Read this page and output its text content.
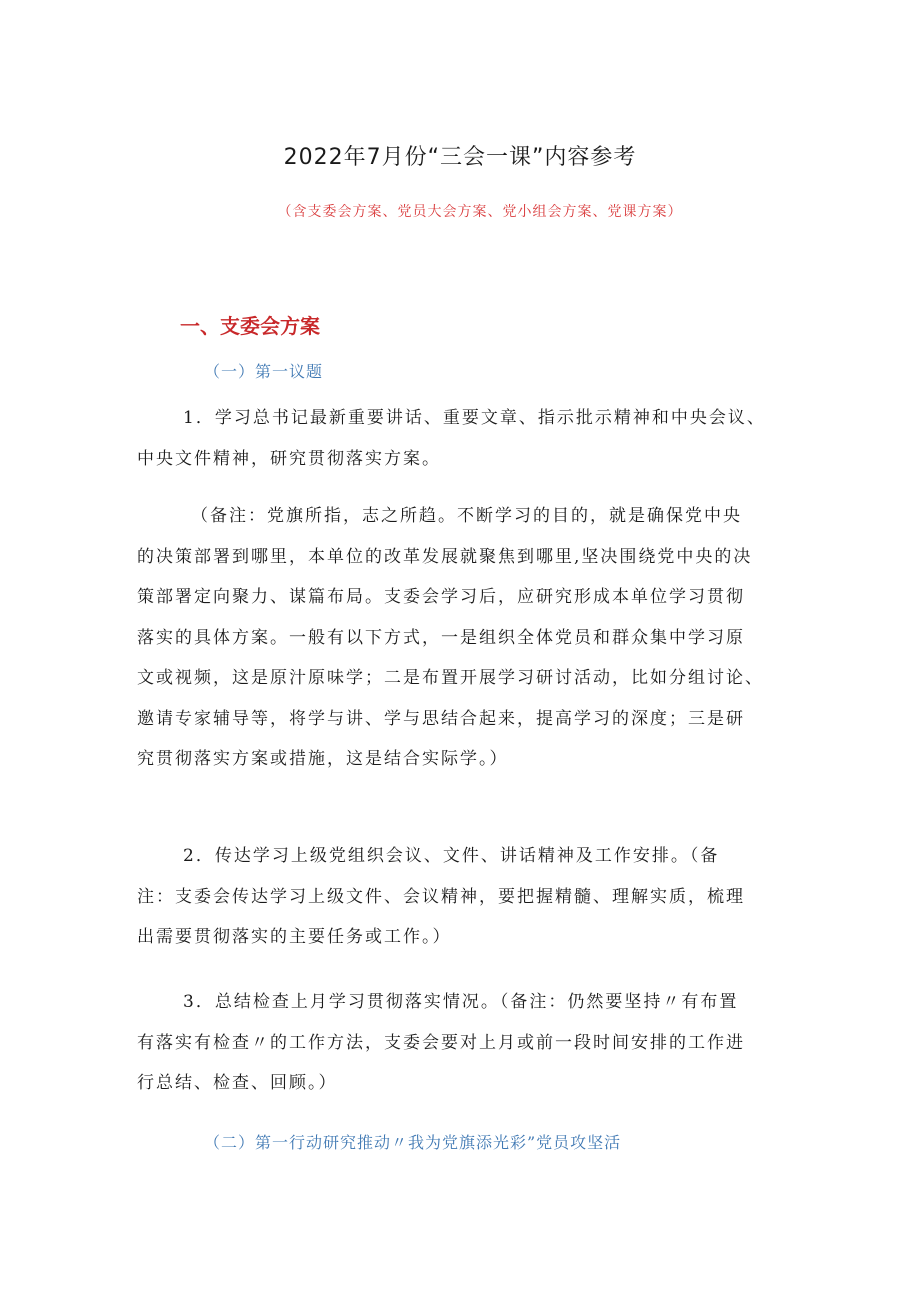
2022年7月份“三会一课”内容参考
（含支委会方案、党员大会方案、党小组会方案、党课方案）
一、支委会方案
（一）第一议题
1．学习总书记最新重要讲话、重要文章、指示批示精神和中央会议、
中央文件精神，研究贯彻落实方案。
（备注：党旗所指，志之所趋。不断学习的目的，就是确保党中央
的决策部署到哪里，本单位的改革发展就聚焦到哪里,坚决围绕党中央的决
策部署定向聚力、谋篇布局。支委会学习后，应研究形成本单位学习贯彻
落实的具体方案。一般有以下方式，一是组织全体党员和群众集中学习原
文或视频，这是原汁原味学；二是布置开展学习研讨活动，比如分组讨论、
邀请专家辅导等，将学与讲、学与思结合起来，提高学习的深度；三是研
究贯彻落实方案或措施，这是结合实际学。）
2．传达学习上级党组织会议、文件、讲话精神及工作安排。（备
注：支委会传达学习上级文件、会议精神，要把握精髓、理解实质，梳理
出需要贯彻落实的主要任务或工作。）
3．总结检查上月学习贯彻落实情况。（备注：仍然要坚持〃有布置
有落实有检查〃的工作方法，支委会要对上月或前一段时间安排的工作进
行总结、检查、回顾。）
（二）第一行动研究推动〃我为党旗添光彩”党员攻坚活
